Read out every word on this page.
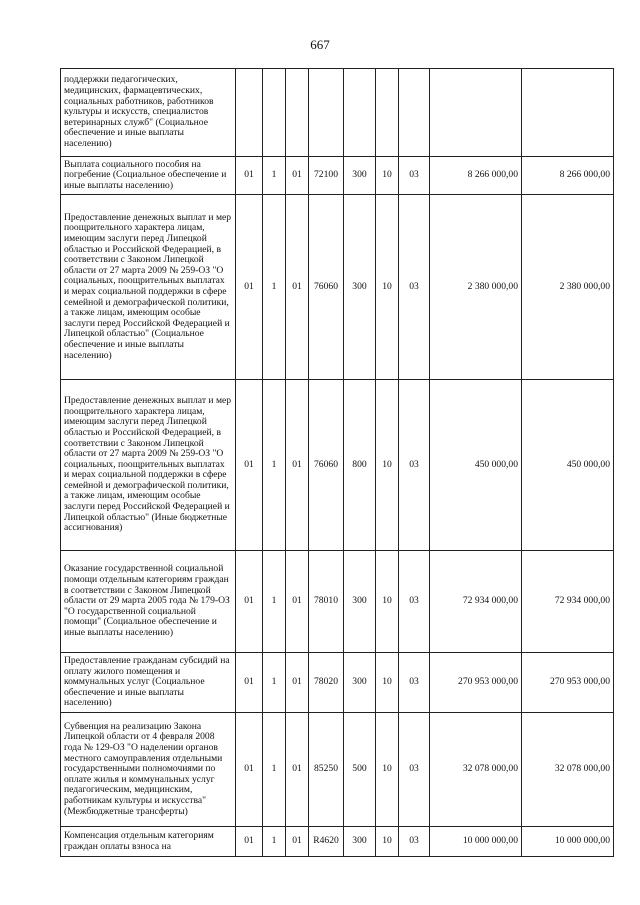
667
поддержки педагогических, медицинских, фармацевтических, социальных работников, работников культуры и искусств, специалистов ветеринарных служб" (Социальное обеспечение и иные выплаты населению)									
Выплата социального пособия на погребение (Социальное обеспечение и иные выплаты населению)	01	1	01	72100	300	10	03	8 266 000,00	8 266 000,00
Предоставление денежных выплат и мер поощрительного характера лицам, имеющим заслуги перед Липецкой областью и Российской Федерацией, в соответствии с Законом Липецкой области от 27 марта 2009 № 259-ОЗ "О социальных, поощрительных выплатах и мерах социальной поддержки в сфере семейной и демографической политики, а также лицам, имеющим особые заслуги перед Российской Федерацией и Липецкой областью" (Социальное обеспечение и иные выплаты населению)	01	1	01	76060	300	10	03	2 380 000,00	2 380 000,00
Предоставление денежных выплат и мер поощрительного характера лицам, имеющим заслуги перед Липецкой областью и Российской Федерацией, в соответствии с Законом Липецкой области от 27 марта 2009 № 259-ОЗ "О социальных, поощрительных выплатах и мерах социальной поддержки в сфере семейной и демографической политики, а также лицам, имеющим особые заслуги перед Российской Федерацией и Липецкой областью" (Иные бюджетные ассигнования)	01	1	01	76060	800	10	03	450 000,00	450 000,00
Оказание государственной социальной помощи отдельным категориям граждан в соответствии с Законом Липецкой области от 29 марта 2005 года № 179-ОЗ "О государственной социальной помощи" (Социальное обеспечение и иные выплаты населению)	01	1	01	78010	300	10	03	72 934 000,00	72 934 000,00
Предоставление гражданам субсидий на оплату жилого помещения и коммунальных услуг (Социальное обеспечение и иные выплаты населению)	01	1	01	78020	300	10	03	270 953 000,00	270 953 000,00
Субвенция на реализацию Закона Липецкой области от 4 февраля 2008 года № 129-ОЗ "О наделении органов местного самоуправления отдельными государственными полномочиями по оплате жилья и коммунальных услуг педагогическим, медицинским, работникам культуры и искусства" (Межбюджетные трансферты)	01	1	01	85250	500	10	03	32 078 000,00	32 078 000,00
Компенсация отдельным категориям граждан оплаты взноса на	01	1	01	R4620	300	10	03	10 000 000,00	10 000 000,00
